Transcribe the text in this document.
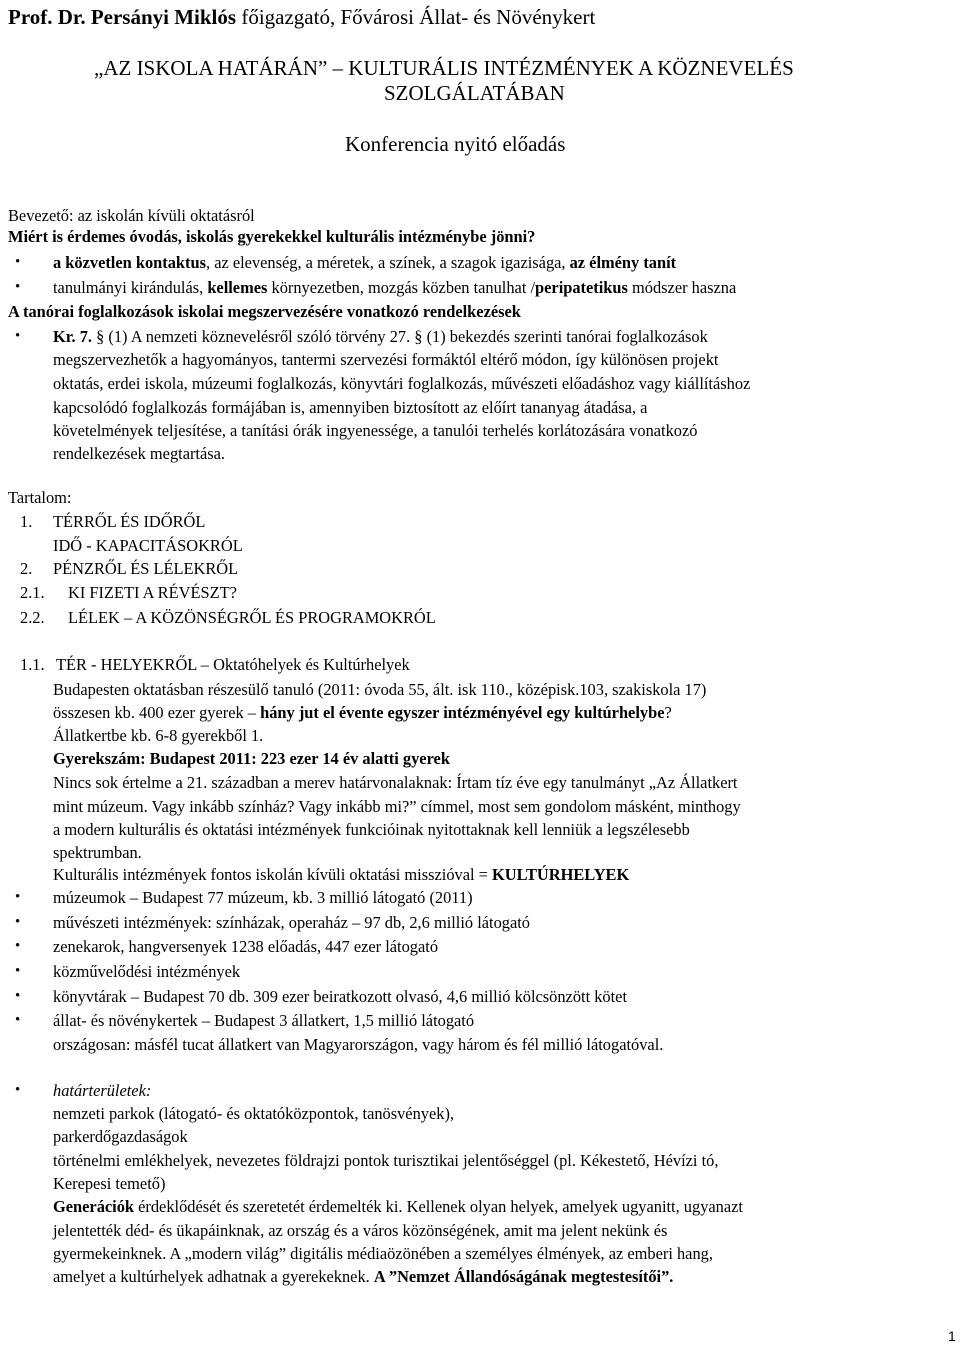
Prof. Dr. Persányi Miklós főigazgató, Fővárosi Állat- és Növénykert
„AZ ISKOLA HATÁRÁN” – KULTURÁLIS INTÉZMÉNYEK A KÖZNEVELÉS
SZOLGÁLATÁBAN
Konferencia nyitó előadás
Bevezető: az iskolán kívüli oktatásról
Miért is érdemes óvodás, iskolás gyerekekkel kulturális intézménybe jönni?
• a közvetlen kontaktus, az elevenség, a méretek, a színek, a szagok igazisága, az élmény tanít
• tanulmányi kirándulás, kellemes környezetben, mozgás közben tanulhat /peripatetikus módszer haszna
A tanórai foglalkozások iskolai megszervezésére vonatkozó rendelkezések
• Kr. 7. § (1) A nemzeti köznevelésről szóló törvény 27. § (1) bekezdés szerinti tanórai foglalkozások
megszervezhetők a hagyományos, tantermi szervezési formáktól eltérő módon, így különösen projekt
oktatás, erdei iskola, múzeumi foglalkozás, könyvtári foglalkozás, művészeti előadáshoz vagy kiállításhoz
kapcsolódó foglalkozás formájában is, amennyiben biztosított az előírt tananyag átadása, a
követelmények teljesítése, a tanítási órák ingyenessége, a tanulói terhelés korlátozására vonatkozó
rendelkezések megtartása.
Tartalom:
1. TÉRRŐL ÉS IDŐRŐL
IDŐ - KAPACITÁSOKRÓL
2. PÉNZRŐL ÉS LÉLEKRŐL
2.1. KI FIZETI A RÉVÉSZT?
2.2. LÉLEK – A KÖZÖNSÉGRŐL ÉS PROGRAMOKRÓL
1.1. TÉR - HELYEKRŐL – Oktatóhelyek és Kultúrhelyek
Budapesten oktatásban részesülő tanuló (2011: óvoda 55, ált. isk 110., középisk.103, szakiskola 17)
összesen kb. 400 ezer gyerek – hány jut el évente egyszer intézményével egy kultúrhelybe?
Állatkertbe kb. 6-8 gyerekből 1.
Gyerekszám: Budapest 2011: 223 ezer 14 év alatti gyerek
Nincs sok értelme a 21. században a merev határvonalaknak: Írtam tíz éve egy tanulmányt „Az Állatkert
mint múzeum. Vagy inkább színház? Vagy inkább mi?” címmel, most sem gondolom másként, minthogy
a modern kulturális és oktatási intézmények funkcióinak nyitottaknak kell lenniük a legszélesebb
spektrumban.
Kulturális intézmények fontos iskolán kívüli oktatási misszióval = KULTÚRHELYEK
• múzeumok – Budapest 77 múzeum, kb. 3 millió látogató (2011)
• művészeti intézmények: színházak, operaház – 97 db, 2,6 millió látogató
• zenekarok, hangversenyek 1238 előadás, 447 ezer látogató
• közművelődési intézmények
• könyvtárak – Budapest 70 db. 309 ezer beiratkozott olvasó, 4,6 millió kölcsönzött kötet
• állat- és növénykertek – Budapest 3 állatkert, 1,5 millió látogató
országosan: másfél tucat állatkert van Magyarországon, vagy három és fél millió látogatóval.
• határterületek:
nemzeti parkok (látogató- és oktatóközpontok, tanösvények),
parkerdőgazdaságok
történelmi emlékhelyek, nevezetes földrajzi pontok turisztikai jelentőséggel (pl. Kékestető, Hévízi tó,
Kerepesi temető)
Generációk érdeklődését és szeretetét érdemelték ki. Kellenek olyan helyek, amelyek ugyanitt, ugyanazt
jelentették déd- és ükapáinknak, az ország és a város közönségének, amit ma jelent nekünk és
gyermekeinknek. A „modern világ” digitális médiaözönében a személyes élmények, az emberi hang,
amelyet a kultúrhelyek adhatnak a gyerekeknek. A ”Nemzet Állandóságának megtestesítői”.
1
